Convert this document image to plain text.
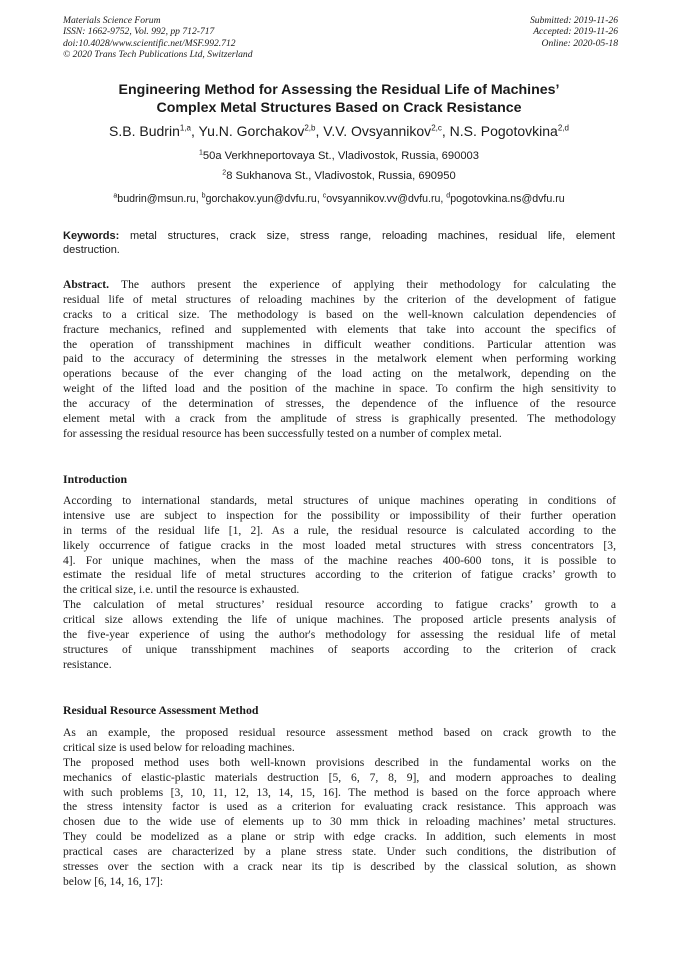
Materials Science Forum
ISSN: 1662-9752, Vol. 992, pp 712-717
doi:10.4028/www.scientific.net/MSF.992.712
© 2020 Trans Tech Publications Ltd, Switzerland
Submitted: 2019-11-26
Accepted: 2019-11-26
Online: 2020-05-18
Engineering Method for Assessing the Residual Life of Machines’
Complex Metal Structures Based on Crack Resistance
S.B. Budrin$^{1,a}$, Yu.N. Gorchakov$^{2,b}$, V.V. Ovsyannikov$^{2,c}$, N.S. Pogotovkina$^{2,d}$
$^1$50a Verkhneportovaya St., Vladivostok, Russia, 690003
$^2$8 Sukhanova St., Vladivostok, Russia, 690950
$^a$budrin@msun.ru, $^b$gorchakov.yun@dvfu.ru, $^c$ovsyannikov.vv@dvfu.ru, $^d$pogotovkina.ns@dvfu.ru
Keywords: metal structures, crack size, stress range, reloading machines, residual life, element
destruction.
Abstract. The authors present the experience of applying their methodology for calculating the
residual life of metal structures of reloading machines by the criterion of the development of fatigue
cracks to a critical size. The methodology is based on the well-known calculation dependencies of
fracture mechanics, refined and supplemented with elements that take into account the specifics of
the operation of transshipment machines in difficult weather conditions. Particular attention was
paid to the accuracy of determining the stresses in the metalwork element when performing working
operations because of the ever changing of the load acting on the metalwork, depending on the
weight of the lifted load and the position of the machine in space. To confirm the high sensitivity to
the accuracy of the determination of stresses, the dependence of the influence of the resource
element metal with a crack from the amplitude of stress is graphically presented. The methodology
for assessing the residual resource has been successfully tested on a number of complex metal.
Introduction
According to international standards, metal structures of unique machines operating in conditions of
intensive use are subject to inspection for the possibility or impossibility of their further operation
in terms of the residual life [1, 2]. As a rule, the residual resource is calculated according to the
likely occurrence of fatigue cracks in the most loaded metal structures with stress concentrators [3,
4]. For unique machines, when the mass of the machine reaches 400-600 tons, it is possible to
estimate the residual life of metal structures according to the criterion of fatigue cracks’ growth to
the critical size, i.e. until the resource is exhausted.
The calculation of metal structures’ residual resource according to fatigue cracks’ growth to a
critical size allows extending the life of unique machines. The proposed article presents analysis of
the five-year experience of using the author's methodology for assessing the residual life of metal
structures of unique transshipment machines of seaports according to the criterion of crack
resistance.
Residual Resource Assessment Method
As an example, the proposed residual resource assessment method based on crack growth to the
critical size is used below for reloading machines.
The proposed method uses both well-known provisions described in the fundamental works on the
mechanics of elastic-plastic materials destruction [5, 6, 7, 8, 9], and modern approaches to dealing
with such problems [3, 10, 11, 12, 13, 14, 15, 16]. The method is based on the force approach where
the stress intensity factor is used as a criterion for evaluating crack resistance. This approach was
chosen due to the wide use of elements up to 30 mm thick in reloading machines’ metal structures.
They could be modelized as a plane or strip with edge cracks. In addition, such elements in most
practical cases are characterized by a plane stress state. Under such conditions, the distribution of
stresses over the section with a crack near its tip is described by the classical solution, as shown
below [6, 14, 16, 17]:
